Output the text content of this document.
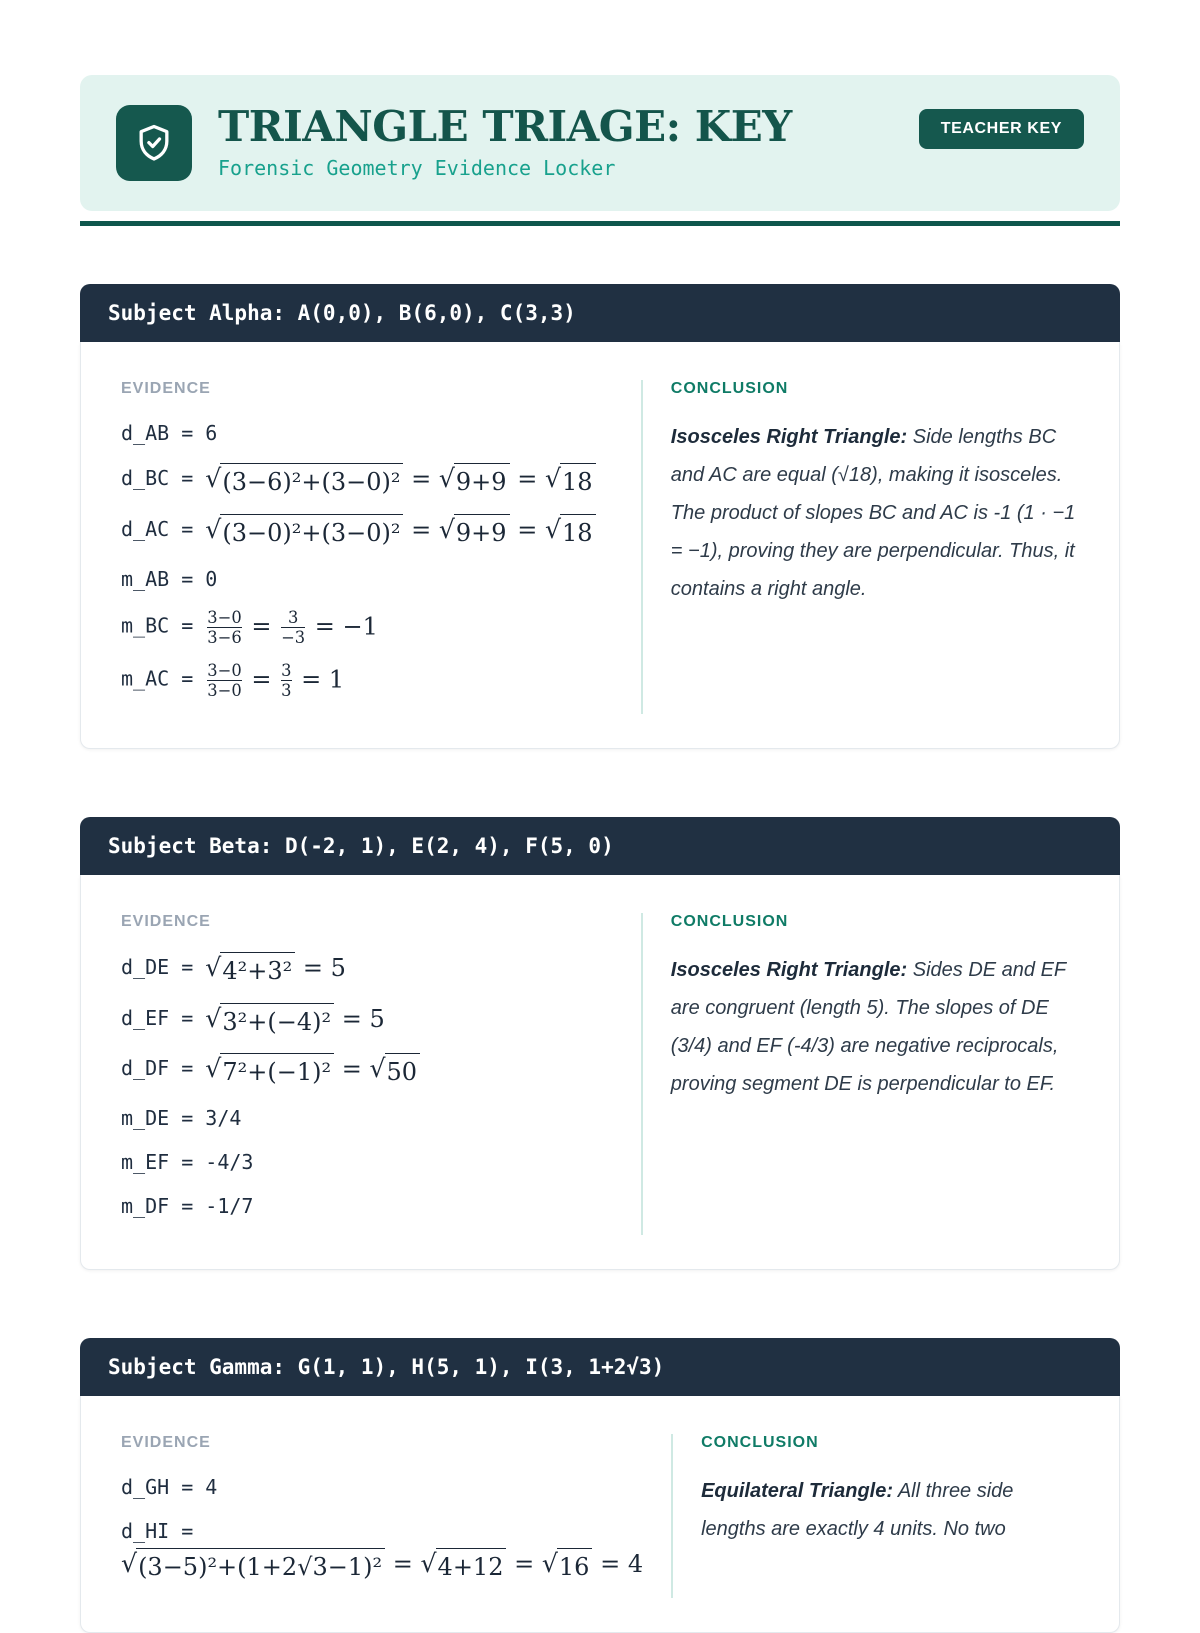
TRIANGLE TRIAGE: KEY
Forensic Geometry Evidence Locker
TEACHER KEY
Subject Alpha: A(0,0), B(6,0), C(3,3)
EVIDENCE
d_AB = 6
d_BC = √ (3−6)²+(3−0)² = √ 9+9 = √ 18
d_AC = √ (3−0)²+(3−0)² = √ 9+9 = √ 18
m_AB = 0
m_BC = $\frac{3-0}{3-6} = \frac{3}{-3} = -1$
m_AC = $\frac{3-0}{3-0} = \frac{3}{3} = 1$
CONCLUSION
Isosceles Right Triangle: Side lengths BC and AC are equal (√18), making it isosceles. The product of slopes BC and AC is -1 (1 · −1 = −1), proving they are perpendicular. Thus, it contains a right angle.
Subject Beta: D(-2, 1), E(2, 4), F(5, 0)
EVIDENCE
d_DE = √ 4²+3² = 5
d_EF = √ 3²+(−4)² = 5
d_DF = √ 7²+(−1)² = √ 50
m_DE = 3/4
m_EF = -4/3
m_DF = -1/7
CONCLUSION
Isosceles Right Triangle: Sides DE and EF are congruent (length 5). The slopes of DE (3/4) and EF (-4/3) are negative reciprocals, proving segment DE is perpendicular to EF.
Subject Gamma: G(1, 1), H(5, 1), I(3, 1+2√3)
EVIDENCE
d_GH = 4
d_HI =
√ (3−5)²+(1+2√3−1)² = √ 4+12 = √ 16 = 4
CONCLUSION
Equilateral Triangle: All three side lengths are exactly 4 units. No two
